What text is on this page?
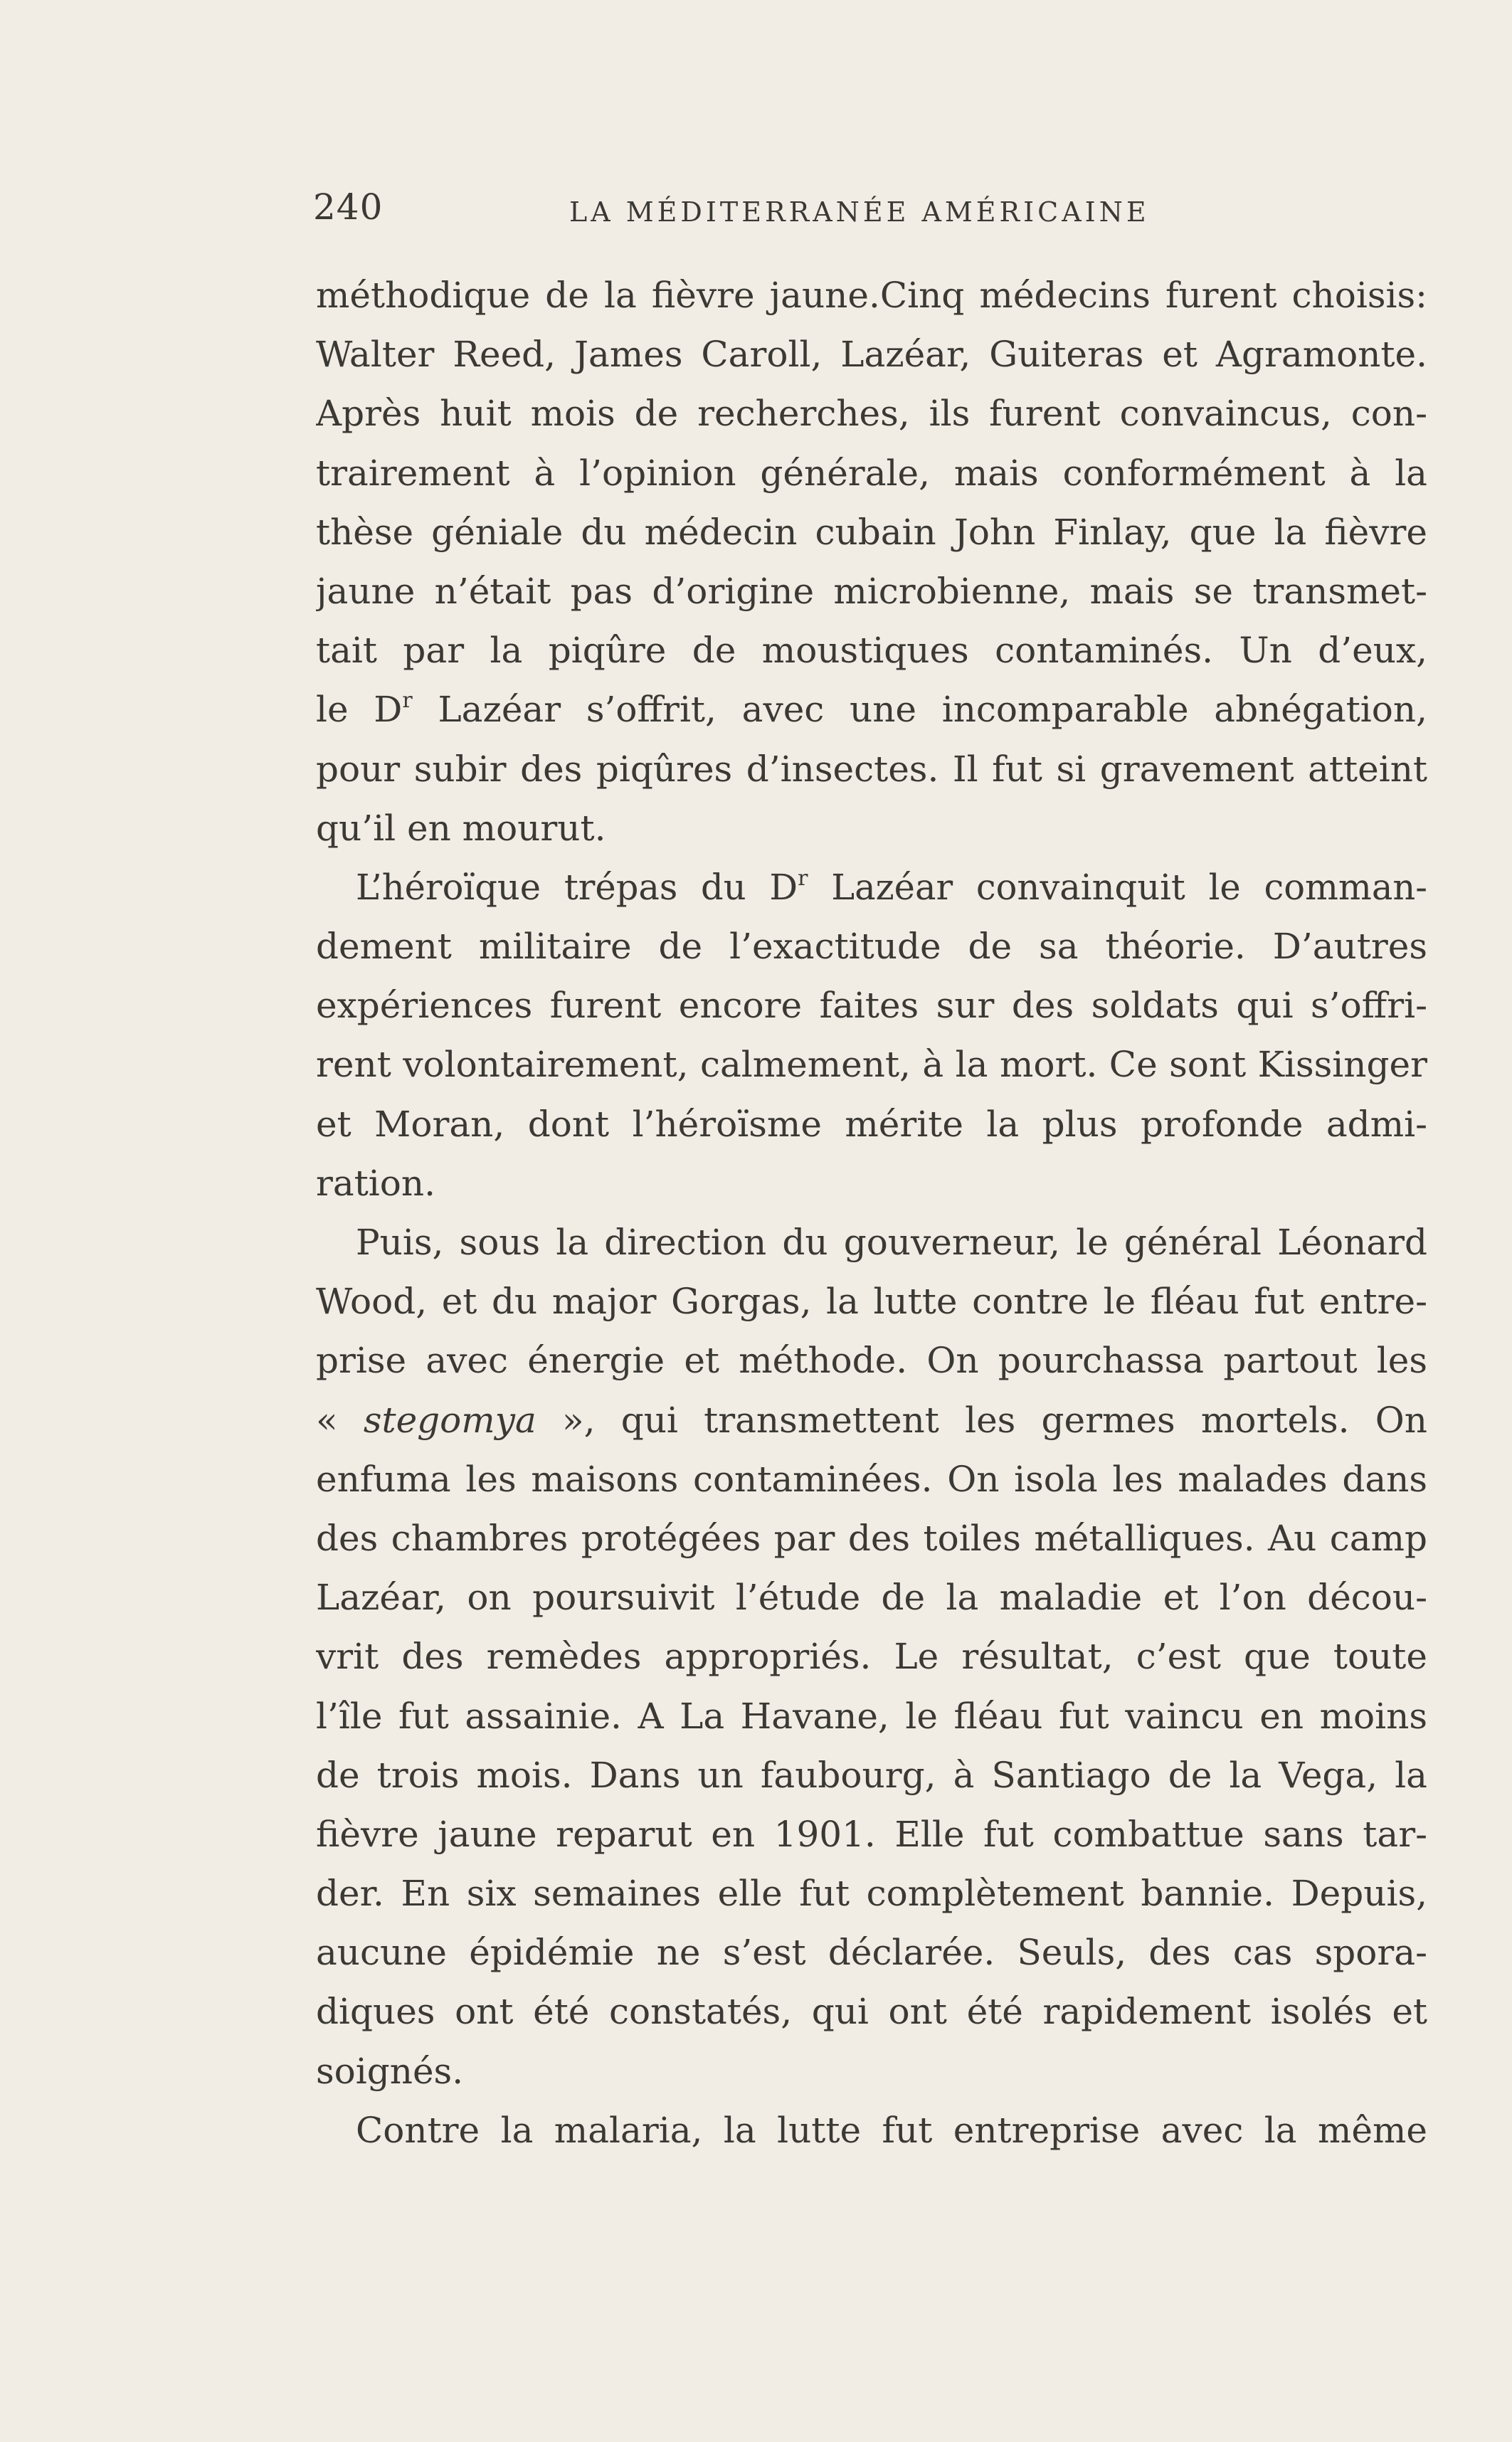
240	LA MÉDITERRANÉE AMÉRICAINE
méthodique de la fièvre jaune.Cinq médecins furent choisis:
Walter Reed, James Caroll, Lazéar, Guiteras et Agramonte.
Après huit mois de recherches, ils furent convaincus, con-
trairement à l’opinion générale, mais conformément à la
thèse géniale du médecin cubain John Finlay, que la fièvre
jaune n’était pas d’origine microbienne, mais se transmet-
tait par la piqûre de moustiques contaminés. Un d’eux,
le $D^r$ Lazéar s’offrit, avec une incomparable abnégation,
pour subir des piqûres d’insectes. Il fut si gravement atteint
qu’il en mourut.
L’héroïque trépas du $D^r$ Lazéar convainquit le comman-
dement militaire de l’exactitude de sa théorie. D’autres
expériences furent encore faites sur des soldats qui s’offri-
rent volontairement, calmement, à la mort. Ce sont Kissinger
et Moran, dont l’héroïsme mérite la plus profonde admi-
ration.
Puis, sous la direction du gouverneur, le général Léonard
Wood, et du major Gorgas, la lutte contre le fléau fut entre-
prise avec énergie et méthode. On pourchassa partout les
« stegomya », qui transmettent les germes mortels. On
enfuma les maisons contaminées. On isola les malades dans
des chambres protégées par des toiles métalliques. Au camp
Lazéar, on poursuivit l’étude de la maladie et l’on décou-
vrit des remèdes appropriés. Le résultat, c’est que toute
l’île fut assainie. A La Havane, le fléau fut vaincu en moins
de trois mois. Dans un faubourg, à Santiago de la Vega, la
fièvre jaune reparut en 1901. Elle fut combattue sans tar-
der. En six semaines elle fut complètement bannie. Depuis,
aucune épidémie ne s’est déclarée. Seuls, des cas spora-
diques ont été constatés, qui ont été rapidement isolés et
soignés.
Contre la malaria, la lutte fut entreprise avec la même
